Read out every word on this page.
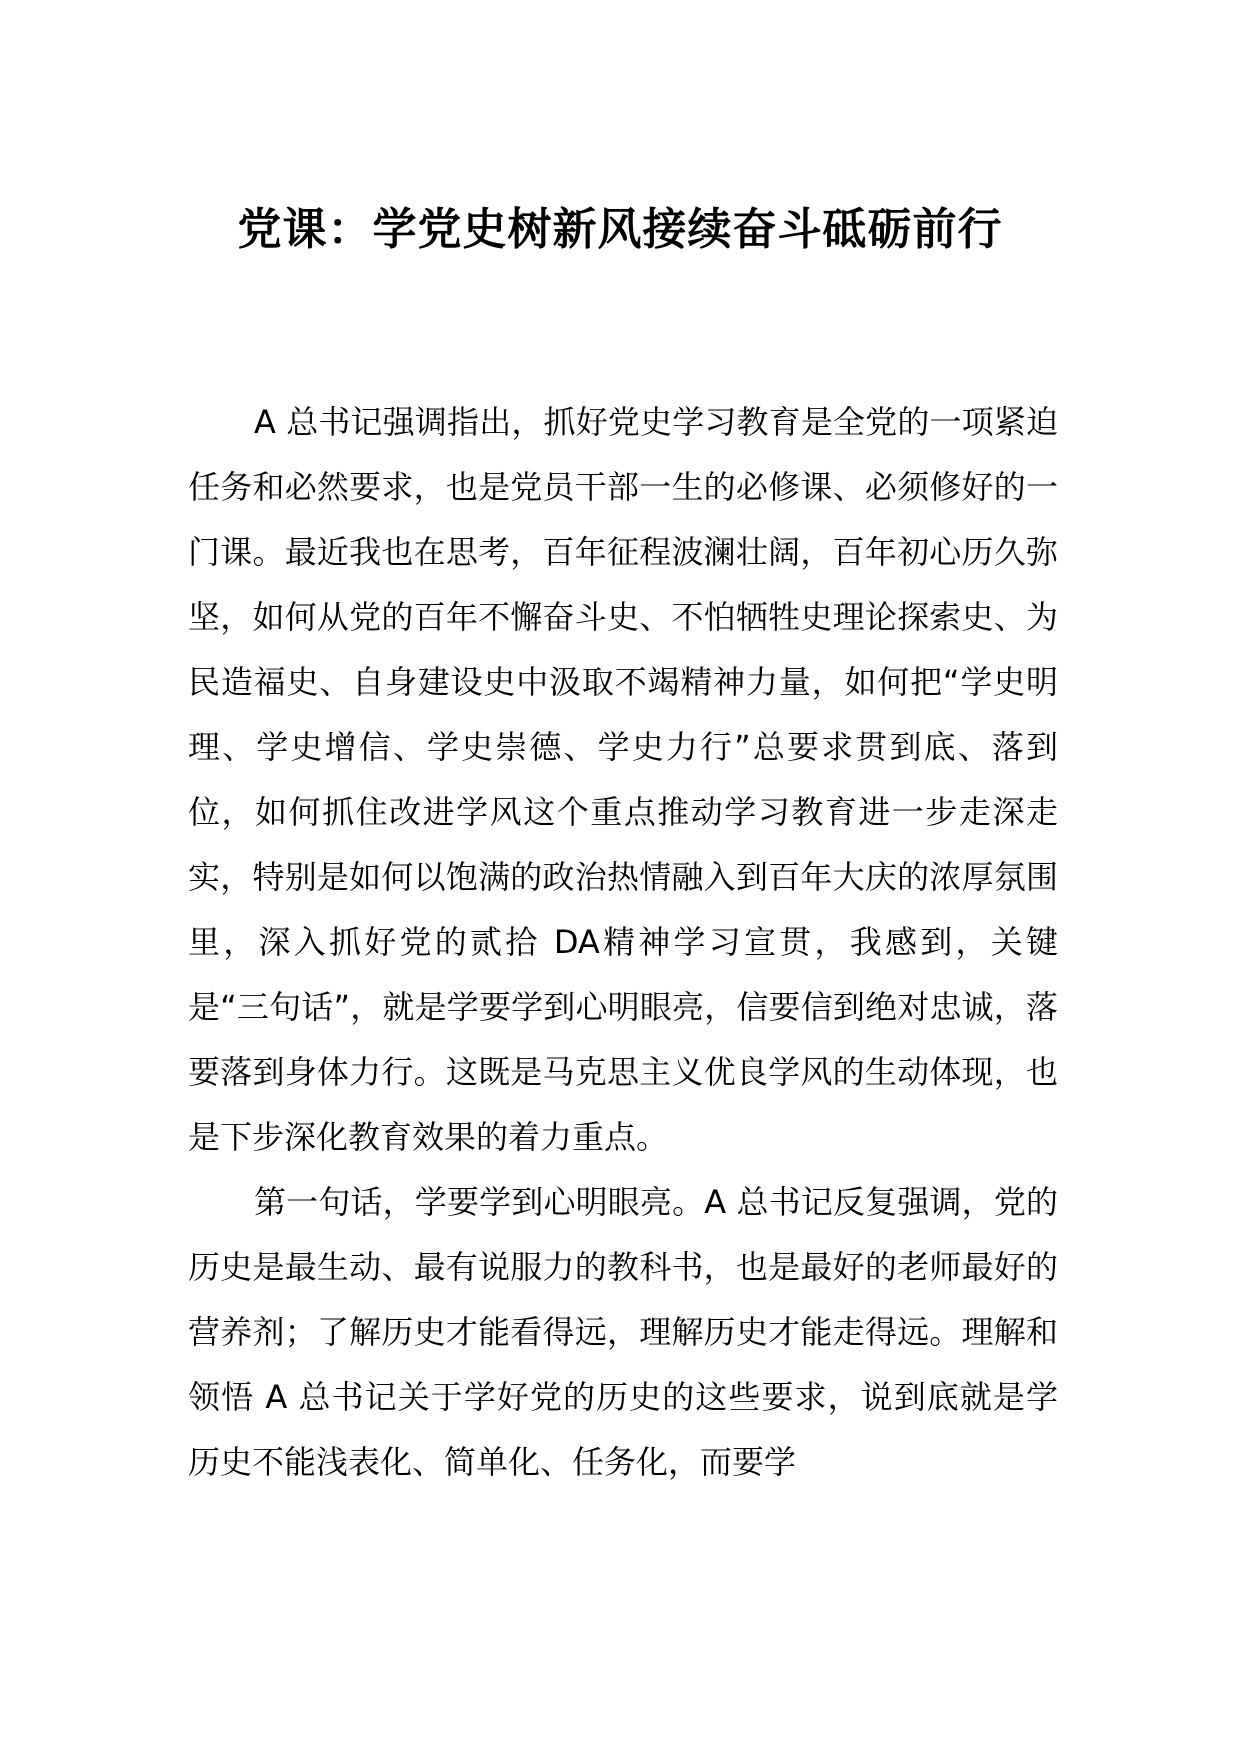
党课：学党史树新风接续奋斗砥砺前行

A 总书记强调指出，抓好党史学习教育是全党的一项紧迫任务和必然要求，也是党员干部一生的必修课、必须修好的一门课。最近我也在思考，百年征程波澜壮阔，百年初心历久弥坚，如何从党的百年不懈奋斗史、不怕牺牲史理论探索史、为民造福史、自身建设史中汲取不竭精神力量，如何把“学史明理、学史增信、学史崇德、学史力行”总要求贯到底、落到位，如何抓住改进学风这个重点推动学习教育进一步走深走实，特别是如何以饱满的政治热情融入到百年大庆的浓厚氛围里，深入抓好党的贰拾 DA精神学习宣贯，我感到，关键是“三句话”，就是学要学到心明眼亮，信要信到绝对忠诚，落要落到身体力行。这既是马克思主义优良学风的生动体现，也是下步深化教育效果的着力重点。

第一句话，学要学到心明眼亮。A 总书记反复强调，党的历史是最生动、最有说服力的教科书，也是最好的老师最好的营养剂；了解历史才能看得远，理解历史才能走得远。理解和领悟 A 总书记关于学好党的历史的这些要求，说到底就是学历史不能浅表化、简单化、任务化，而要学
